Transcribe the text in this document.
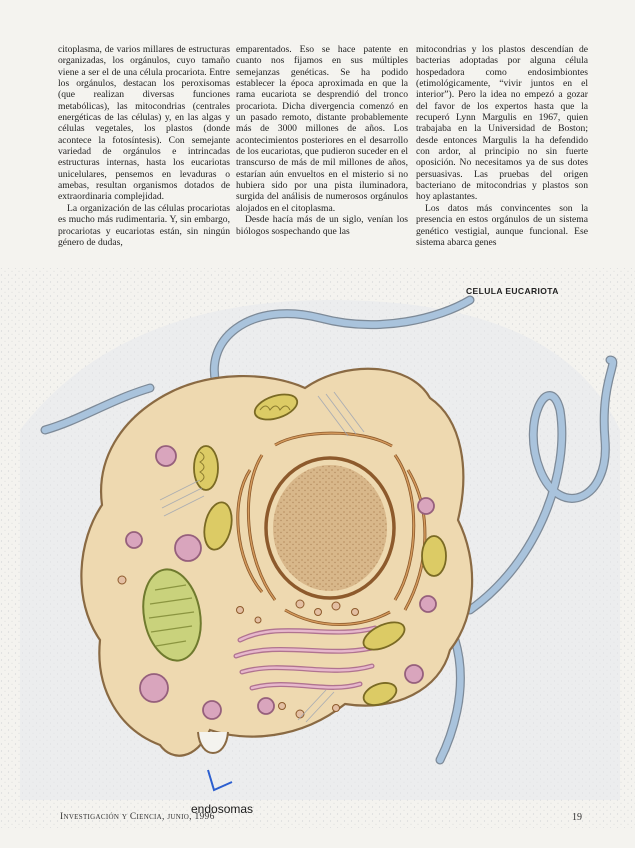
citoplasma, de varios millares de estructuras organizadas, los orgánulos, cuyo tamaño viene a ser el de una célula procariota. Entre los orgánulos, destacan los peroxisomas (que realizan diversas funciones metabólicas), las mitocondrias (centrales energéticas de las células) y, en las algas y células vegetales, los plastos (donde acontece la fotosíntesis). Con semejante variedad de orgánulos e intrincadas estructuras internas, hasta los eucariotas unicelulares, pensemos en levaduras o amebas, resultan organismos dotados de extraordinaria complejidad.

La organización de las células procariotas es mucho más rudimentaria. Y, sin embargo, procariotas y eucariotas están, sin ningún género de dudas,

emparentados. Eso se hace patente en cuanto nos fijamos en sus múltiples semejanzas genéticas. Se ha podido establecer la época aproximada en que la rama eucariota se desprendió del tronco procariota. Dicha divergencia comenzó en un pasado remoto, distante probablemente más de 3000 millones de años. Los acontecimientos posteriores en el desarrollo de los eucariotas, que pudieron suceder en el transcurso de más de mil millones de años, estarían aún envueltos en el misterio si no hubiera sido por una pista iluminadora, surgida del análisis de numerosos orgánulos alojados en el citoplasma.

Desde hacía más de un siglo, venían los biólogos sospechando que las

mitocondrias y los plastos descendían de bacterias adoptadas por alguna célula hospedadora como endosimbiontes (etimológicamente, “vivir juntos en el interior”). Pero la idea no empezó a gozar del favor de los expertos hasta que la recuperó Lynn Margulis en 1967, quien trabajaba en la Universidad de Boston; desde entonces Margulis la ha defendido con ardor, al principio no sin fuerte oposición. No necesitamos ya de sus dotes persuasivas. Las pruebas del origen bacteriano de mitocondrias y plastos son hoy aplastantes.

Los datos más convincentes son la presencia en estos orgánulos de un sistema genético vestigial, aunque funcional. Ese sistema abarca genes

CELULA EUCARIOTA
endosomas
Investigación y Ciencia, junio, 1996	19
